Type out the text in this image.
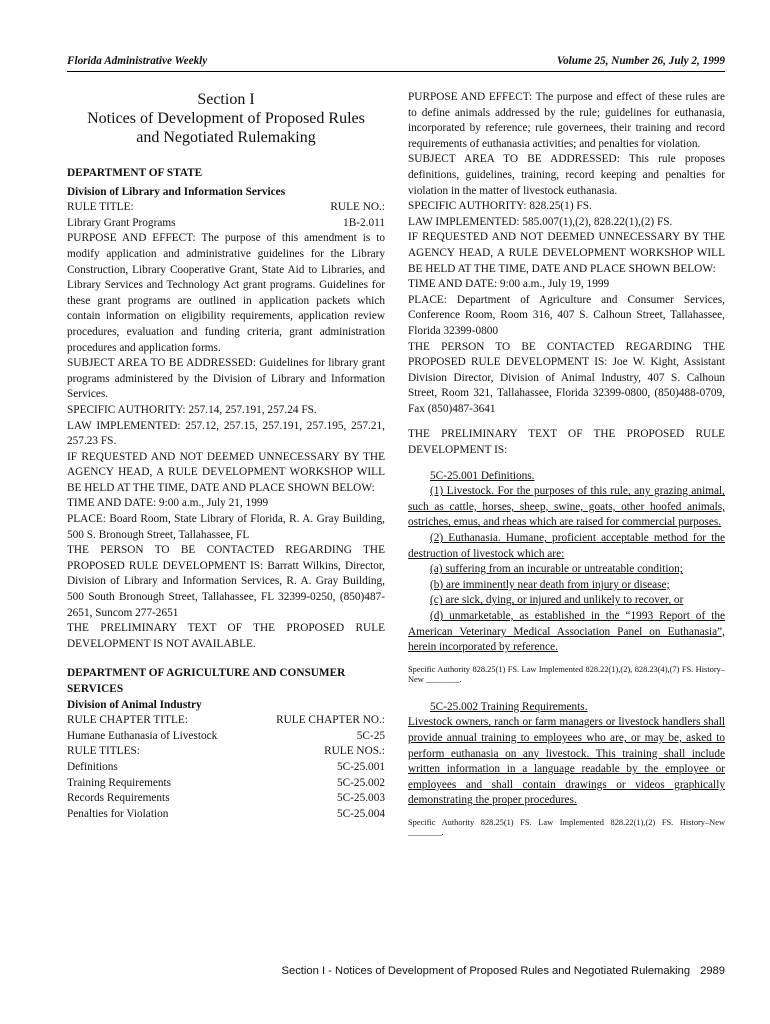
Florida Administrative Weekly	Volume 25, Number 26, July 2, 1999
Section I
Notices of Development of Proposed Rules
and Negotiated Rulemaking

DEPARTMENT OF STATE

Division of Library and Information Services

RULE TITLE:	RULE NO.:
Library Grant Programs	1B-2.011

PURPOSE AND EFFECT: The purpose of this amendment is to modify application and administrative guidelines for the Library Construction, Library Cooperative Grant, State Aid to Libraries, and Library Services and Technology Act grant programs. Guidelines for these grant programs are outlined in application packets which contain information on eligibility requirements, application review procedures, evaluation and funding criteria, grant administration procedures and application forms.

SUBJECT AREA TO BE ADDRESSED: Guidelines for library grant programs administered by the Division of Library and Information Services.

SPECIFIC AUTHORITY: 257.14, 257.191, 257.24 FS.

LAW IMPLEMENTED: 257.12, 257.15, 257.191, 257.195, 257.21, 257.23 FS.

IF REQUESTED AND NOT DEEMED UNNECESSARY BY THE AGENCY HEAD, A RULE DEVELOPMENT WORKSHOP WILL BE HELD AT THE TIME, DATE AND PLACE SHOWN BELOW:

TIME AND DATE: 9:00 a.m., July 21, 1999

PLACE: Board Room, State Library of Florida, R. A. Gray Building, 500 S. Bronough Street, Tallahassee, FL

THE PERSON TO BE CONTACTED REGARDING THE PROPOSED RULE DEVELOPMENT IS: Barratt Wilkins, Director, Division of Library and Information Services, R. A. Gray Building, 500 South Bronough Street, Tallahassee, FL 32399-0250, (850)487-2651, Suncom 277-2651

THE PRELIMINARY TEXT OF THE PROPOSED RULE DEVELOPMENT IS NOT AVAILABLE.

DEPARTMENT OF AGRICULTURE AND CONSUMER SERVICES

Division of Animal Industry

RULE CHAPTER TITLE:	RULE CHAPTER NO.:
Humane Euthanasia of Livestock	5C-25
RULE TITLES:	RULE NOS.:
Definitions	5C-25.001
Training Requirements	5C-25.002
Records Requirements	5C-25.003
Penalties for Violation	5C-25.004

PURPOSE AND EFFECT: The purpose and effect of these rules are to define animals addressed by the rule; guidelines for euthanasia, incorporated by reference; rule governees, their training and record requirements of euthanasia activities; and penalties for violation.

SUBJECT AREA TO BE ADDRESSED: This rule proposes definitions, guidelines, training, record keeping and penalties for violation in the matter of livestock euthanasia.

SPECIFIC AUTHORITY: 828.25(1) FS.

LAW IMPLEMENTED: 585.007(1),(2), 828.22(1),(2) FS.

IF REQUESTED AND NOT DEEMED UNNECESSARY BY THE AGENCY HEAD, A RULE DEVELOPMENT WORKSHOP WILL BE HELD AT THE TIME, DATE AND PLACE SHOWN BELOW:

TIME AND DATE: 9:00 a.m., July 19, 1999

PLACE: Department of Agriculture and Consumer Services, Conference Room, Room 316, 407 S. Calhoun Street, Tallahassee, Florida 32399-0800

THE PERSON TO BE CONTACTED REGARDING THE PROPOSED RULE DEVELOPMENT IS: Joe W. Kight, Assistant Division Director, Division of Animal Industry, 407 S. Calhoun Street, Room 321, Tallahassee, Florida 32399-0800, (850)488-0709, Fax (850)487-3641

THE PRELIMINARY TEXT OF THE PROPOSED RULE DEVELOPMENT IS:

5C-25.001 Definitions.

(1) Livestock. For the purposes of this rule, any grazing animal, such as cattle, horses, sheep, swine, goats, other hoofed animals, ostriches, emus, and rheas which are raised for commercial purposes.

(2) Euthanasia. Humane, proficient acceptable method for the destruction of livestock which are:

(a) suffering from an incurable or untreatable condition;

(b) are imminently near death from injury or disease;

(c) are sick, dying, or injured and unlikely to recover, or

(d) unmarketable, as established in the “1993 Report of the American Veterinary Medical Association Panel on Euthanasia”, herein incorporated by reference.

Specific Authority 828.25(1) FS. Law Implemented 828.22(1),(2), 828.23(4),(7) FS. History–New ________.

5C-25.002 Training Requirements.

Livestock owners, ranch or farm managers or livestock handlers shall provide annual training to employees who are, or may be, asked to perform euthanasia on any livestock. This training shall include written information in a language readable by the employee or employees and shall contain drawings or videos graphically demonstrating the proper procedures.

Specific Authority 828.25(1) FS. Law Implemented 828.22(1),(2) FS. History–New ________.

Section I - Notices of Development of Proposed Rules and Negotiated Rulemaking 2989
